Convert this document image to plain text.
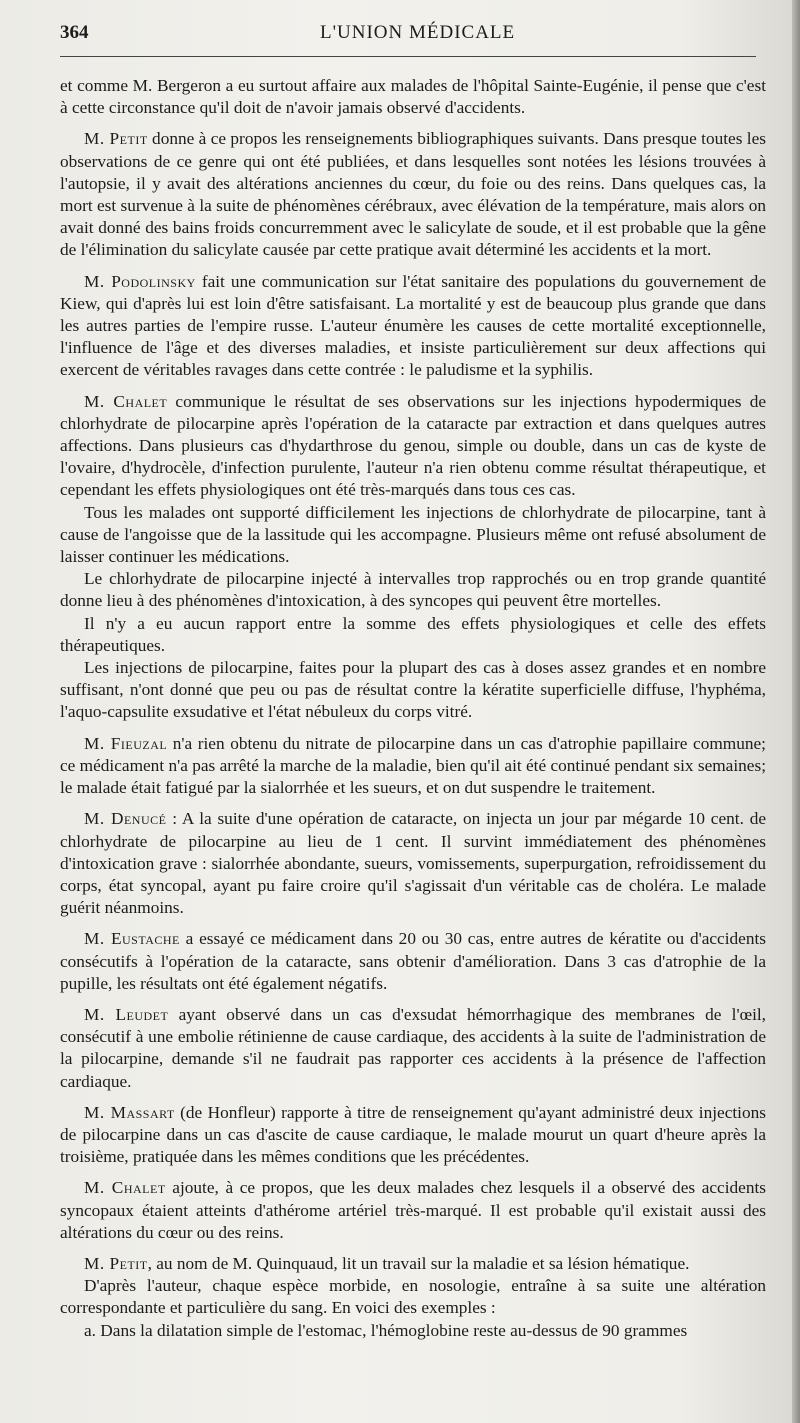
364	L'UNION MÉDICALE

et comme M. Bergeron a eu surtout affaire aux malades de l'hôpital Sainte-Eugénie, il pense que c'est à cette circonstance qu'il doit de n'avoir jamais observé d'accidents.

M. Petit donne à ce propos les renseignements bibliographiques suivants. Dans presque toutes les observations de ce genre qui ont été publiées, et dans lesquelles sont notées les lésions trouvées à l'autopsie, il y avait des altérations anciennes du cœur, du foie ou des reins. Dans quelques cas, la mort est survenue à la suite de phénomènes cérébraux, avec élévation de la température, mais alors on avait donné des bains froids concurremment avec le salicylate de soude, et il est probable que la gêne de l'élimination du salicylate causée par cette pratique avait déterminé les accidents et la mort.

M. Podolinsky fait une communication sur l'état sanitaire des populations du gouvernement de Kiew, qui d'après lui est loin d'être satisfaisant. La mortalité y est de beaucoup plus grande que dans les autres parties de l'empire russe. L'auteur énumère les causes de cette mortalité exceptionnelle, l'influence de l'âge et des diverses maladies, et insiste particulièrement sur deux affections qui exercent de véritables ravages dans cette contrée : le paludisme et la syphilis.

M. Chalet communique le résultat de ses observations sur les injections hypodermiques de chlorhydrate de pilocarpine après l'opération de la cataracte par extraction et dans quelques autres affections. Dans plusieurs cas d'hydarthrose du genou, simple ou double, dans un cas de kyste de l'ovaire, d'hydrocèle, d'infection purulente, l'auteur n'a rien obtenu comme résultat thérapeutique, et cependant les effets physiologiques ont été très-marqués dans tous ces cas.

Tous les malades ont supporté difficilement les injections de chlorhydrate de pilocarpine, tant à cause de l'angoisse que de la lassitude qui les accompagne. Plusieurs même ont refusé absolument de laisser continuer les médications.

Le chlorhydrate de pilocarpine injecté à intervalles trop rapprochés ou en trop grande quantité donne lieu à des phénomènes d'intoxication, à des syncopes qui peuvent être mortelles.

Il n'y a eu aucun rapport entre la somme des effets physiologiques et celle des effets thérapeutiques.

Les injections de pilocarpine, faites pour la plupart des cas à doses assez grandes et en nombre suffisant, n'ont donné que peu ou pas de résultat contre la kératite superficielle diffuse, l'hyphéma, l'aquo-capsulite exsudative et l'état nébuleux du corps vitré.

M. Fieuzal n'a rien obtenu du nitrate de pilocarpine dans un cas d'atrophie papillaire commune; ce médicament n'a pas arrêté la marche de la maladie, bien qu'il ait été continué pendant six semaines; le malade était fatigué par la sialorrhée et les sueurs, et on dut suspendre le traitement.

M. Denucé : A la suite d'une opération de cataracte, on injecta un jour par mégarde 10 cent. de chlorhydrate de pilocarpine au lieu de 1 cent. Il survint immédiatement des phénomènes d'intoxication grave : sialorrhée abondante, sueurs, vomissements, superpurgation, refroidissement du corps, état syncopal, ayant pu faire croire qu'il s'agissait d'un véritable cas de choléra. Le malade guérit néanmoins.

M. Eustache a essayé ce médicament dans 20 ou 30 cas, entre autres de kératite ou d'accidents consécutifs à l'opération de la cataracte, sans obtenir d'amélioration. Dans 3 cas d'atrophie de la pupille, les résultats ont été également négatifs.

M. Leudet ayant observé dans un cas d'exsudat hémorrhagique des membranes de l'œil, consécutif à une embolie rétinienne de cause cardiaque, des accidents à la suite de l'administration de la pilocarpine, demande s'il ne faudrait pas rapporter ces accidents à la présence de l'affection cardiaque.

M. Massart (de Honfleur) rapporte à titre de renseignement qu'ayant administré deux injections de pilocarpine dans un cas d'ascite de cause cardiaque, le malade mourut un quart d'heure après la troisième, pratiquée dans les mêmes conditions que les précédentes.

M. Chalet ajoute, à ce propos, que les deux malades chez lesquels il a observé des accidents syncopaux étaient atteints d'athérome artériel très-marqué. Il est probable qu'il existait aussi des altérations du cœur ou des reins.

M. Petit, au nom de M. Quinquaud, lit un travail sur la maladie et sa lésion hématique.

D'après l'auteur, chaque espèce morbide, en nosologie, entraîne à sa suite une altération correspondante et particulière du sang. En voici des exemples :

a. Dans la dilatation simple de l'estomac, l'hémoglobine reste au-dessus de 90 grammes
